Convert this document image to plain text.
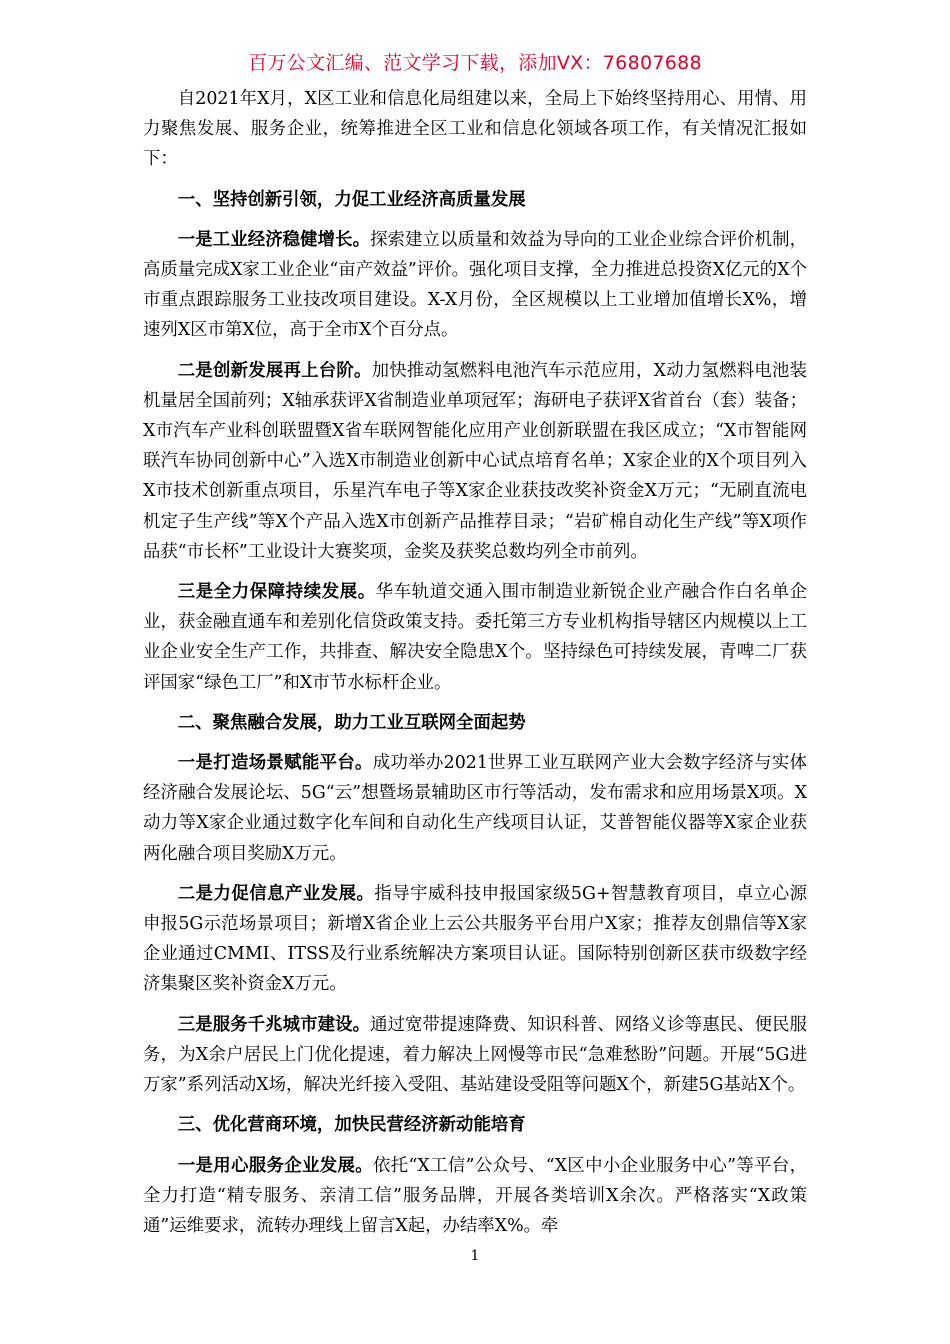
百万公文汇编、范文学习下载，添加VX：76807688

自2021年X月，X区工业和信息化局组建以来，全局上下始终坚持用心、用情、用力聚焦发展、服务企业，统筹推进全区工业和信息化领域各项工作，有关情况汇报如下：

一、坚持创新引领，力促工业经济高质量发展

一是工业经济稳健增长。探索建立以质量和效益为导向的工业企业综合评价机制，高质量完成X家工业企业“亩产效益”评价。强化项目支撑，全力推进总投资X亿元的X个市重点跟踪服务工业技改项目建设。X-X月份，全区规模以上工业增加值增长X%，增速列X区市第X位，高于全市X个百分点。

二是创新发展再上台阶。加快推动氢燃料电池汽车示范应用，X动力氢燃料电池装机量居全国前列；X轴承获评X省制造业单项冠军；海研电子获评X省首台（套）装备；X市汽车产业科创联盟暨X省车联网智能化应用产业创新联盟在我区成立；“X市智能网联汽车协同创新中心”入选X市制造业创新中心试点培育名单；X家企业的X个项目列入X市技术创新重点项目，乐星汽车电子等X家企业获技改奖补资金X万元；“无刷直流电机定子生产线”等X个产品入选X市创新产品推荐目录；“岩矿棉自动化生产线”等X项作品获“市长杯”工业设计大赛奖项，金奖及获奖总数均列全市前列。

三是全力保障持续发展。华车轨道交通入围市制造业新锐企业产融合作白名单企业，获金融直通车和差别化信贷政策支持。委托第三方专业机构指导辖区内规模以上工业企业安全生产工作，共排查、解决安全隐患X个。坚持绿色可持续发展，青啤二厂获评国家“绿色工厂”和X市节水标杆企业。

二、聚焦融合发展，助力工业互联网全面起势

一是打造场景赋能平台。成功举办2021世界工业互联网产业大会数字经济与实体经济融合发展论坛、5G“云”想暨场景辅助区市行等活动，发布需求和应用场景X项。X动力等X家企业通过数字化车间和自动化生产线项目认证，艾普智能仪器等X家企业获两化融合项目奖励X万元。

二是力促信息产业发展。指导宇威科技申报国家级5G+智慧教育项目，卓立心源申报5G示范场景项目；新增X省企业上云公共服务平台用户X家；推荐友创鼎信等X家企业通过CMMI、ITSS及行业系统解决方案项目认证。国际特别创新区获市级数字经济集聚区奖补资金X万元。

三是服务千兆城市建设。通过宽带提速降费、知识科普、网络义诊等惠民、便民服务，为X余户居民上门优化提速，着力解决上网慢等市民“急难愁盼”问题。开展“5G进万家”系列活动X场，解决光纤接入受阻、基站建设受阻等问题X个，新建5G基站X个。

三、优化营商环境，加快民营经济新动能培育

一是用心服务企业发展。依托“X工信”公众号、“X区中小企业服务中心”等平台，全力打造“精专服务、亲清工信”服务品牌，开展各类培训X余次。严格落实“X政策通”运维要求，流转办理线上留言X起，办结率X%。牵

1
